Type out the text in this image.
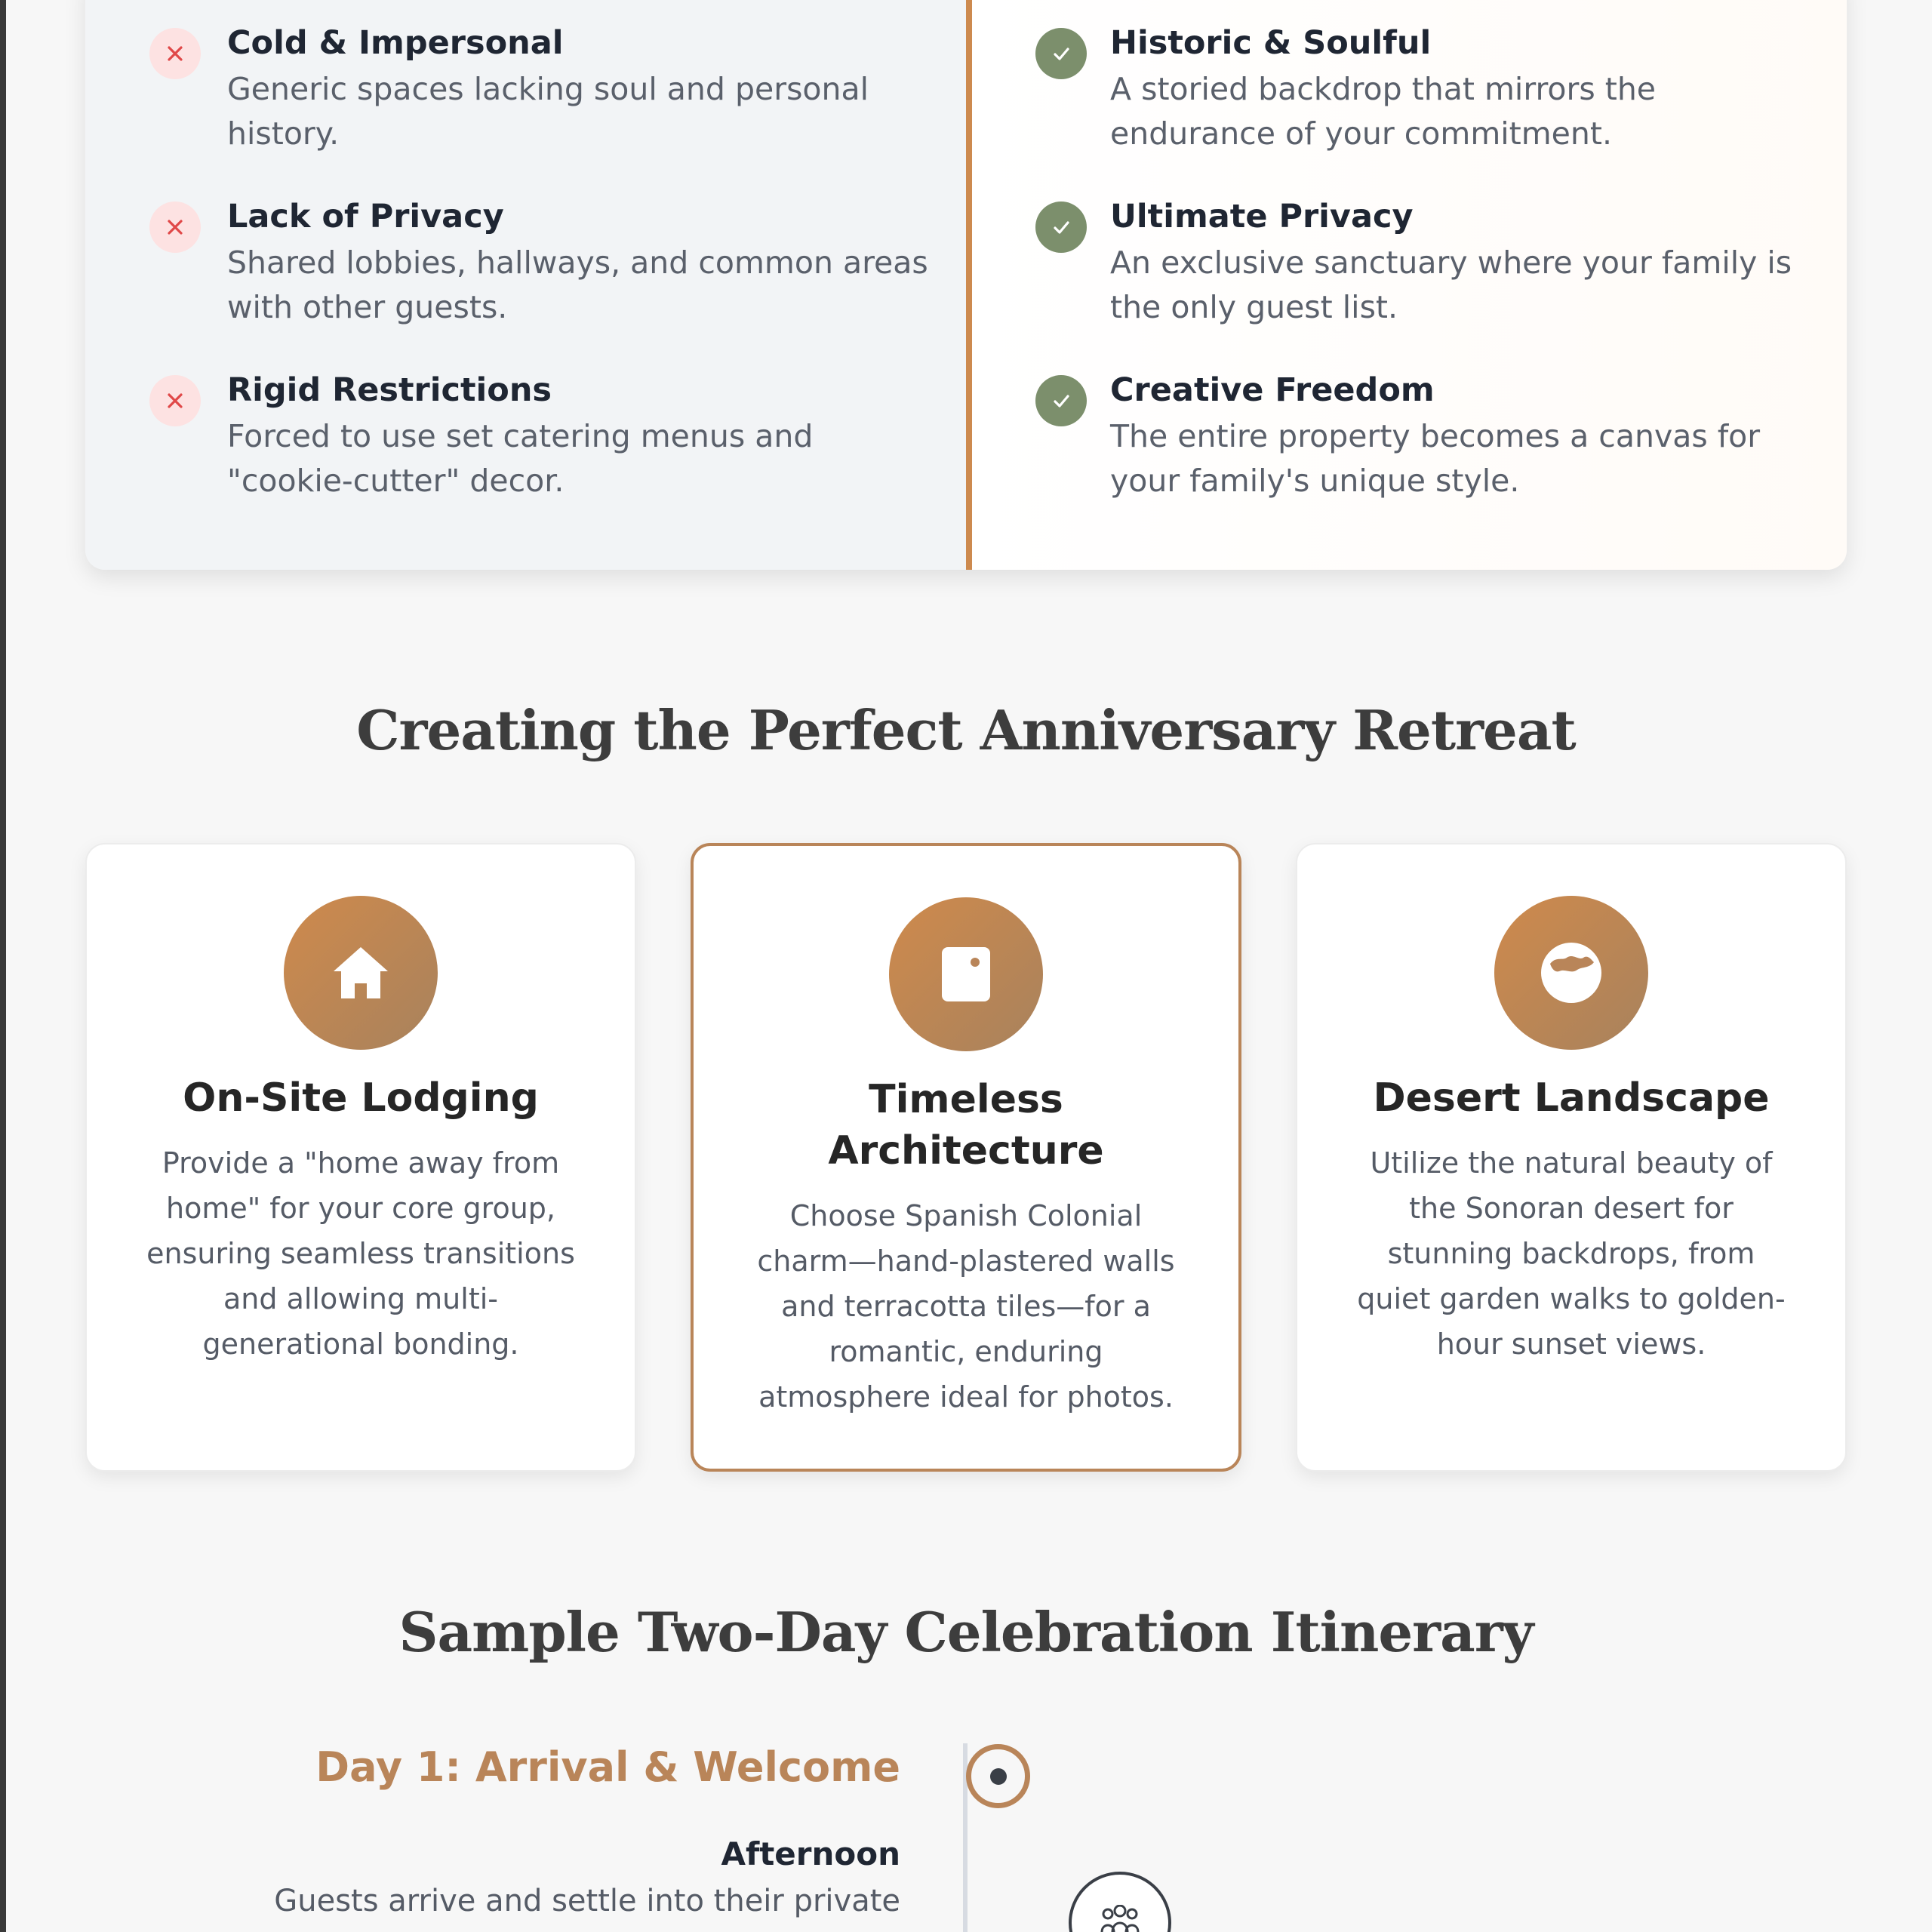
Cold & Impersonal
Generic spaces lacking soul and personal history.
Lack of Privacy
Shared lobbies, hallways, and common areas with other guests.
Rigid Restrictions
Forced to use set catering menus and "cookie-cutter" decor.
Historic & Soulful
A storied backdrop that mirrors the endurance of your commitment.
Ultimate Privacy
An exclusive sanctuary where your family is the only guest list.
Creative Freedom
The entire property becomes a canvas for your family's unique style.
Creating the Perfect Anniversary Retreat
On-Site Lodging
Provide a "home away from home" for your core group, ensuring seamless transitions and allowing multi-generational bonding.
Timeless Architecture
Choose Spanish Colonial charm—hand-plastered walls and terracotta tiles—for a romantic, enduring atmosphere ideal for photos.
Desert Landscape
Utilize the natural beauty of the Sonoran desert for stunning backdrops, from quiet garden walks to golden-hour sunset views.
Sample Two-Day Celebration Itinerary
Day 1: Arrival & Welcome
Afternoon
Guests arrive and settle into their private
